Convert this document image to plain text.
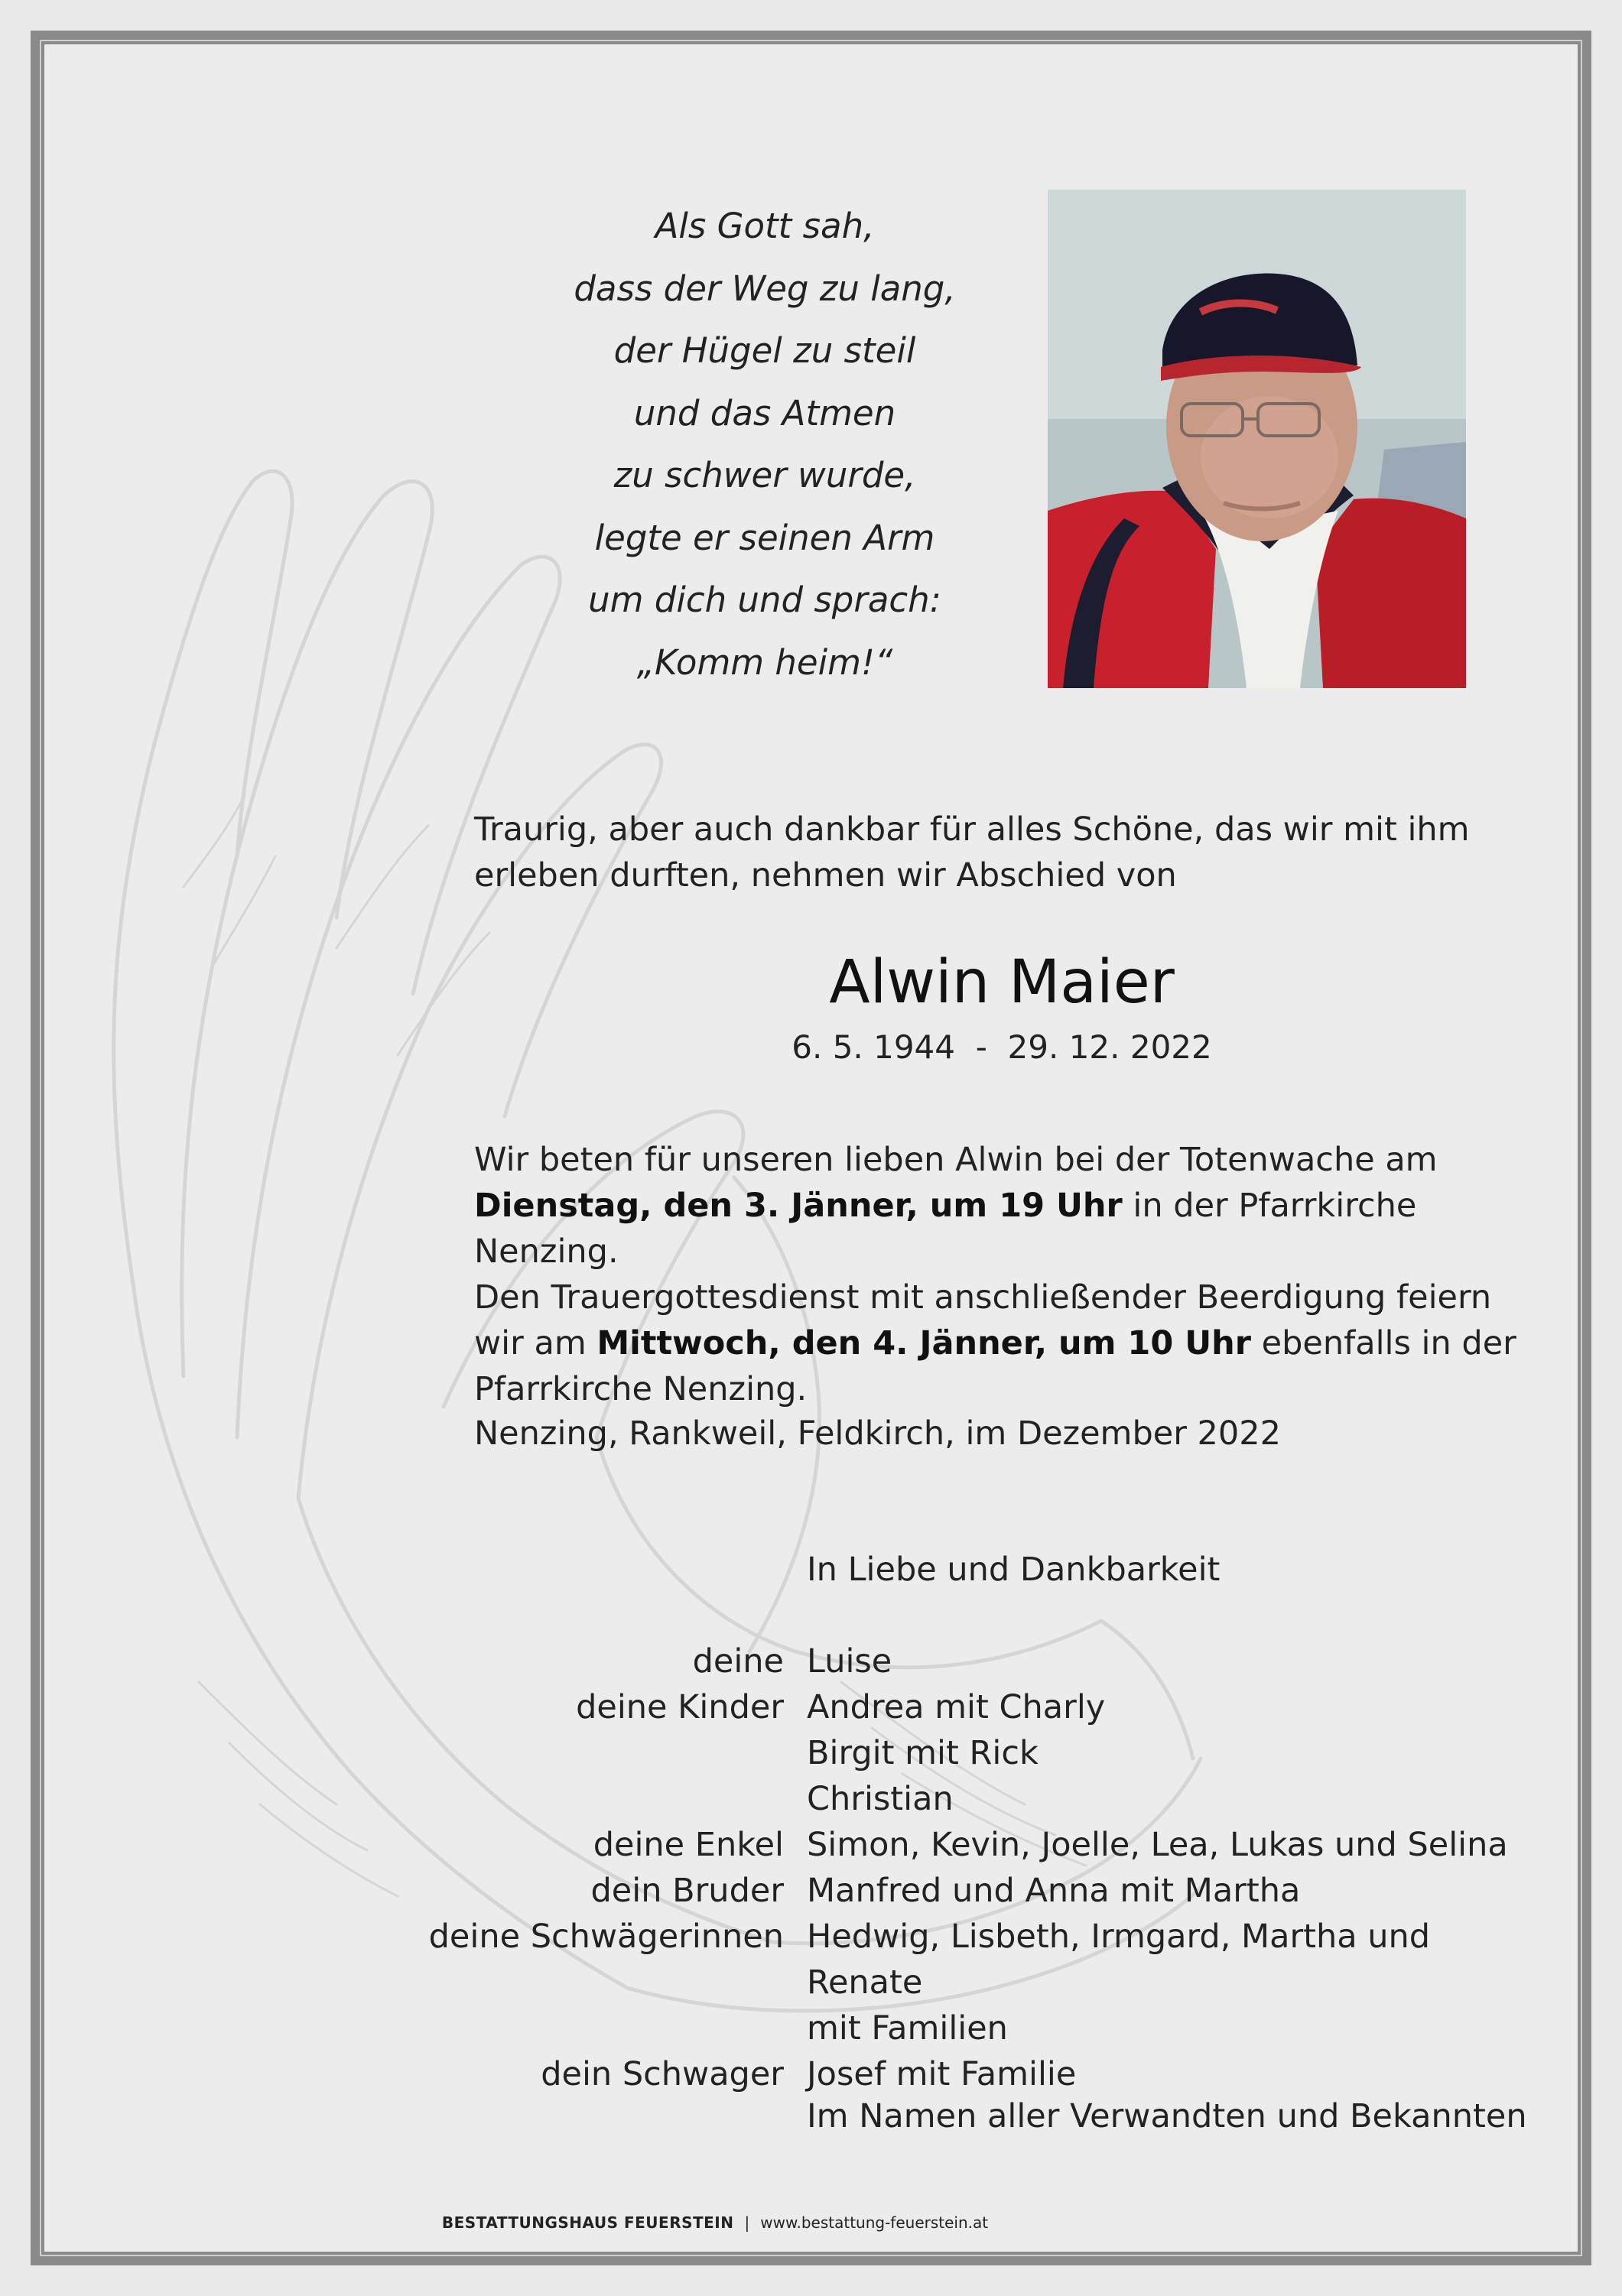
Als Gott sah,
dass der Weg zu lang,
der Hügel zu steil
und das Atmen
zu schwer wurde,
legte er seinen Arm
um dich und sprach:
„Komm heim!“
Traurig, aber auch dankbar für alles Schöne, das wir mit ihm erleben durften, nehmen wir Abschied von
Alwin Maier
6. 5. 1944  -  29. 12. 2022
Wir beten für unseren lieben Alwin bei der Totenwache am Dienstag, den 3. Jänner, um 19 Uhr in der Pfarrkirche Nenzing.
Den Trauergottesdienst mit anschließender Beerdigung feiern wir am Mittwoch, den 4. Jänner, um 10 Uhr ebenfalls in der Pfarrkirche Nenzing.
Nenzing, Rankweil, Feldkirch, im Dezember 2022
In Liebe und Dankbarkeit
deine Luise
deine Kinder Andrea mit Charly
Birgit mit Rick
Christian
deine Enkel Simon, Kevin, Joelle, Lea, Lukas und Selina
dein Bruder Manfred und Anna mit Martha
deine Schwägerinnen Hedwig, Lisbeth, Irmgard, Martha und Renate
mit Familien
dein Schwager Josef mit Familie
Im Namen aller Verwandten und Bekannten
BESTATTUNGSHAUS FEUERSTEIN | www.bestattung-feuerstein.at
